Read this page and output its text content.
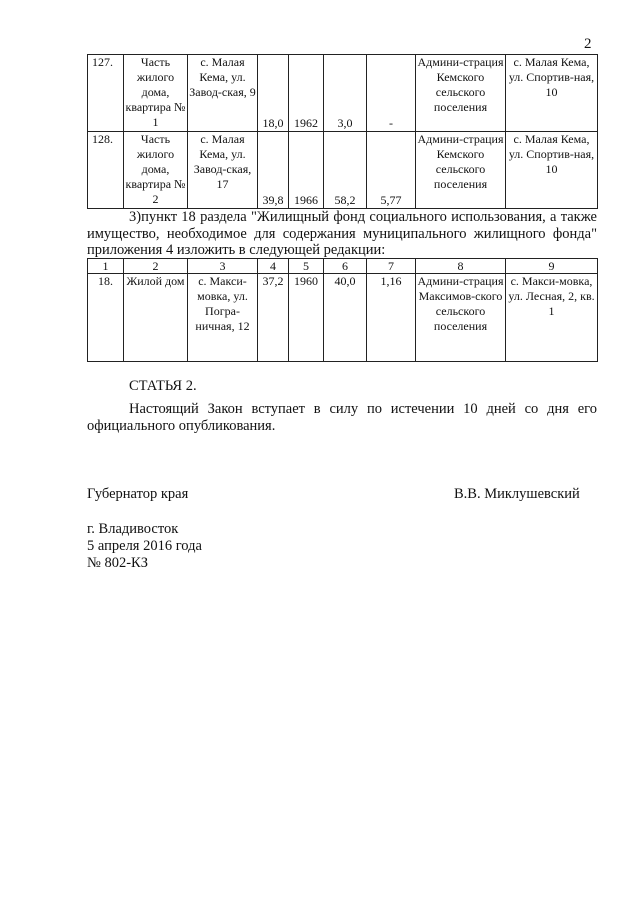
2
127.	Часть жилого дома, квартира № 1	с. Малая Кема, ул. Завод-ская, 9	18,0	1962	3,0	-	Админи-страция Кемского сельского поселения	с. Малая Кема, ул. Спортив-ная, 10
128.	Часть жилого дома, квартира № 2	с. Малая Кема, ул. Завод-ская, 17	39,8	1966	58,2	5,77	Админи-страция Кемского сельского поселения	с. Малая Кема, ул. Спортив-ная, 10
3)пункт 18 раздела "Жилищный фонд социального использования, а также имущество, необходимое для содержания муниципального жилищного фонда" приложения 4 изложить в следующей редакции:
1	2	3	4	5	6	7	8	9
18.	Жилой дом	с. Макси-мовка, ул. Погра-ничная, 12	37,2	1960	40,0	1,16	Админи-страция Максимов-ского сельского поселения	с. Макси-мовка, ул. Лесная, 2, кв. 1
СТАТЬЯ 2.
Настоящий Закон вступает в силу по истечении 10 дней со дня его официального опубликования.
Губернатор края	В.В. Миклушевский
г. Владивосток
5 апреля 2016 года
№ 802-КЗ
